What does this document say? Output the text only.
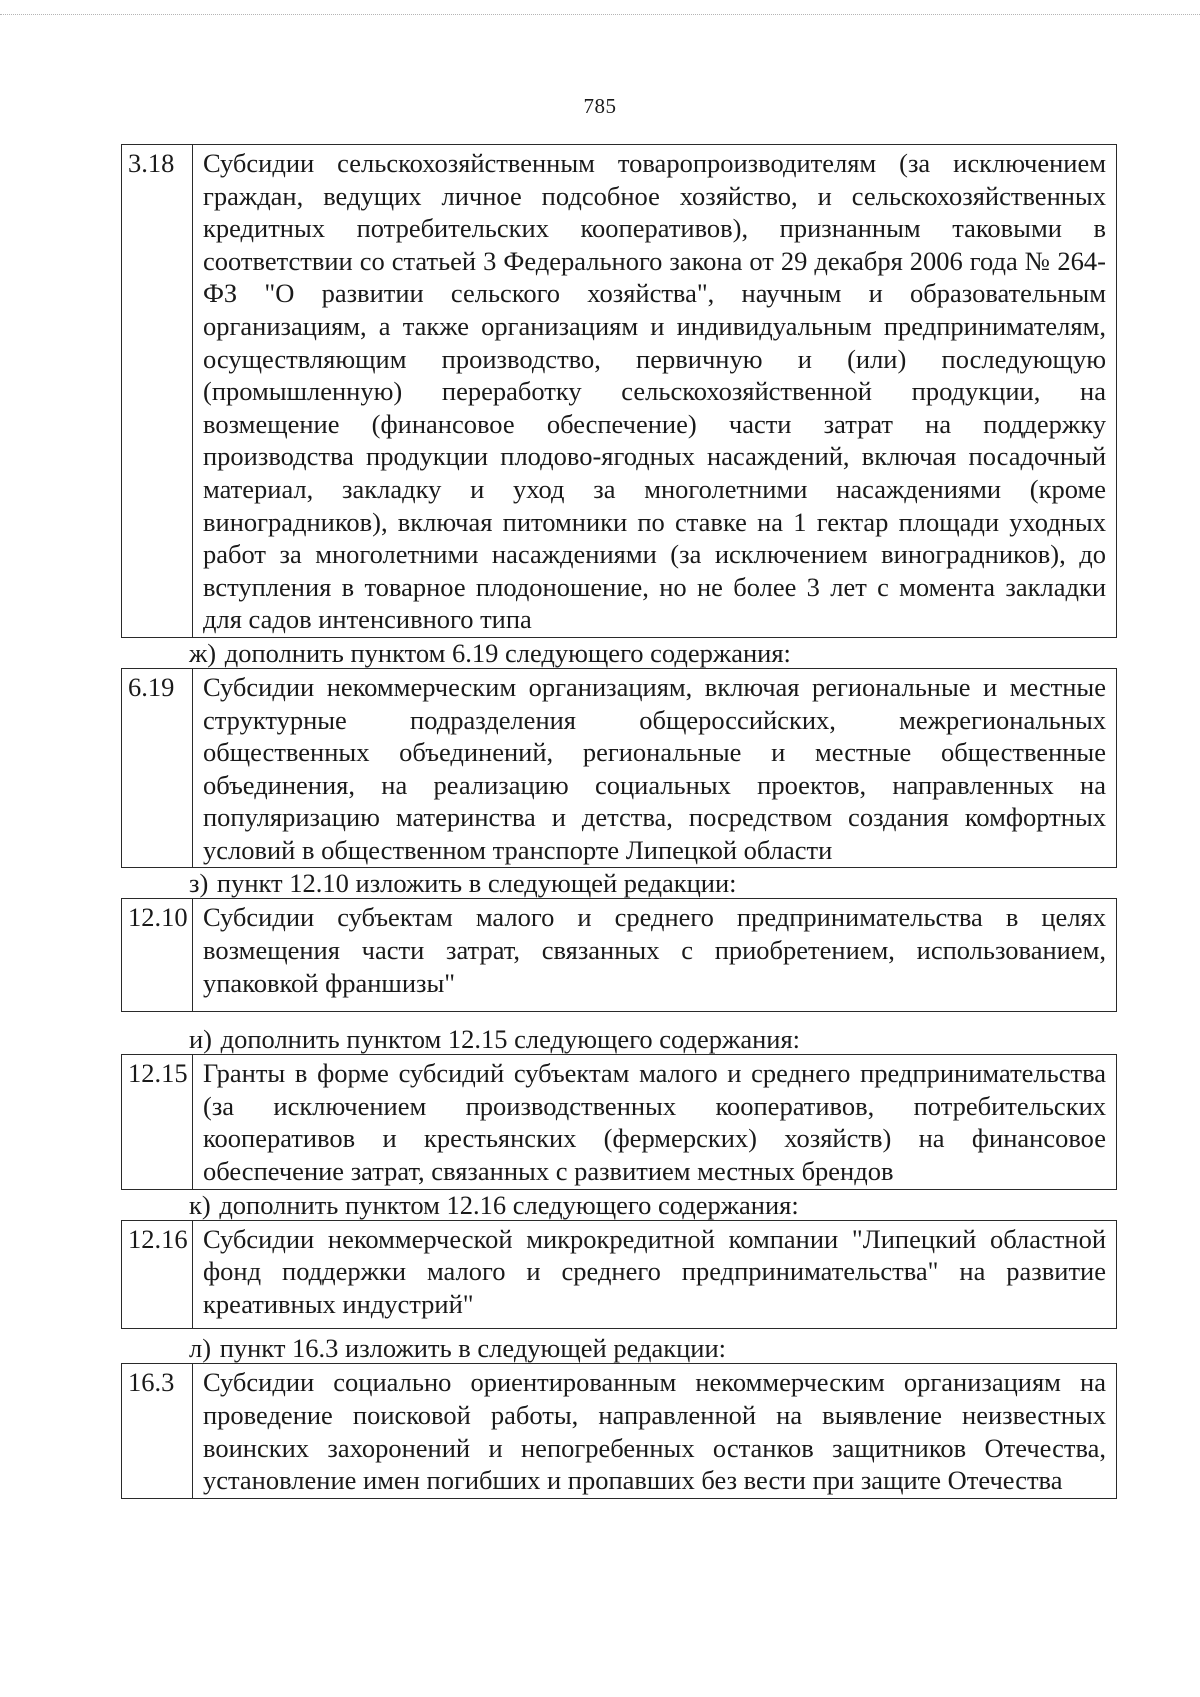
785
3.18	Субсидии сельскохозяйственным товаропроизводителям (за исключением граждан, ведущих личное подсобное хозяйство, и сельскохозяйственных кредитных потребительских кооперативов), признанным таковыми в соответствии со статьей 3 Федерального закона от 29 декабря 2006 года № 264-ФЗ "О развитии сельского хозяйства", научным и образовательным организациям, а также организациям и индивидуальным предпринимателям, осуществляющим производство, первичную и (или) последующую (промышленную) переработку сельскохозяйственной продукции, на возмещение (финансовое обеспечение) части затрат на поддержку производства продукции плодово-ягодных насаждений, включая посадочный материал, закладку и уход за многолетними насаждениями (кроме виноградников), включая питомники по ставке на 1 гектар площади уходных работ за многолетними насаждениями (за исключением виноградников), до вступления в товарное плодоношение, но не более 3 лет с момента закладки для садов интенсивного типа
ж) дополнить пунктом 6.19 следующего содержания:
6.19	Субсидии некоммерческим организациям, включая региональные и местные структурные подразделения общероссийских, межрегиональных общественных объединений, региональные и местные общественные объединения, на реализацию социальных проектов, направленных на популяризацию материнства и детства, посредством создания комфортных условий в общественном транспорте Липецкой области
з) пункт 12.10 изложить в следующей редакции:
12.10	Субсидии субъектам малого и среднего предпринимательства в целях возмещения части затрат, связанных с приобретением, использованием, упаковкой франшизы"
и) дополнить пунктом 12.15 следующего содержания:
12.15	Гранты в форме субсидий субъектам малого и среднего предпринимательства (за исключением производственных кооперативов, потребительских кооперативов и крестьянских (фермерских) хозяйств) на финансовое обеспечение затрат, связанных с развитием местных брендов
к) дополнить пунктом 12.16 следующего содержания:
12.16	Субсидии некоммерческой микрокредитной компании "Липецкий областной фонд поддержки малого и среднего предпринимательства" на развитие креативных индустрий"
л) пункт 16.3 изложить в следующей редакции:
16.3	Субсидии социально ориентированным некоммерческим организациям на проведение поисковой работы, направленной на выявление неизвестных воинских захоронений и непогребенных останков защитников Отечества, установление имен погибших и пропавших без вести при защите Отечества
